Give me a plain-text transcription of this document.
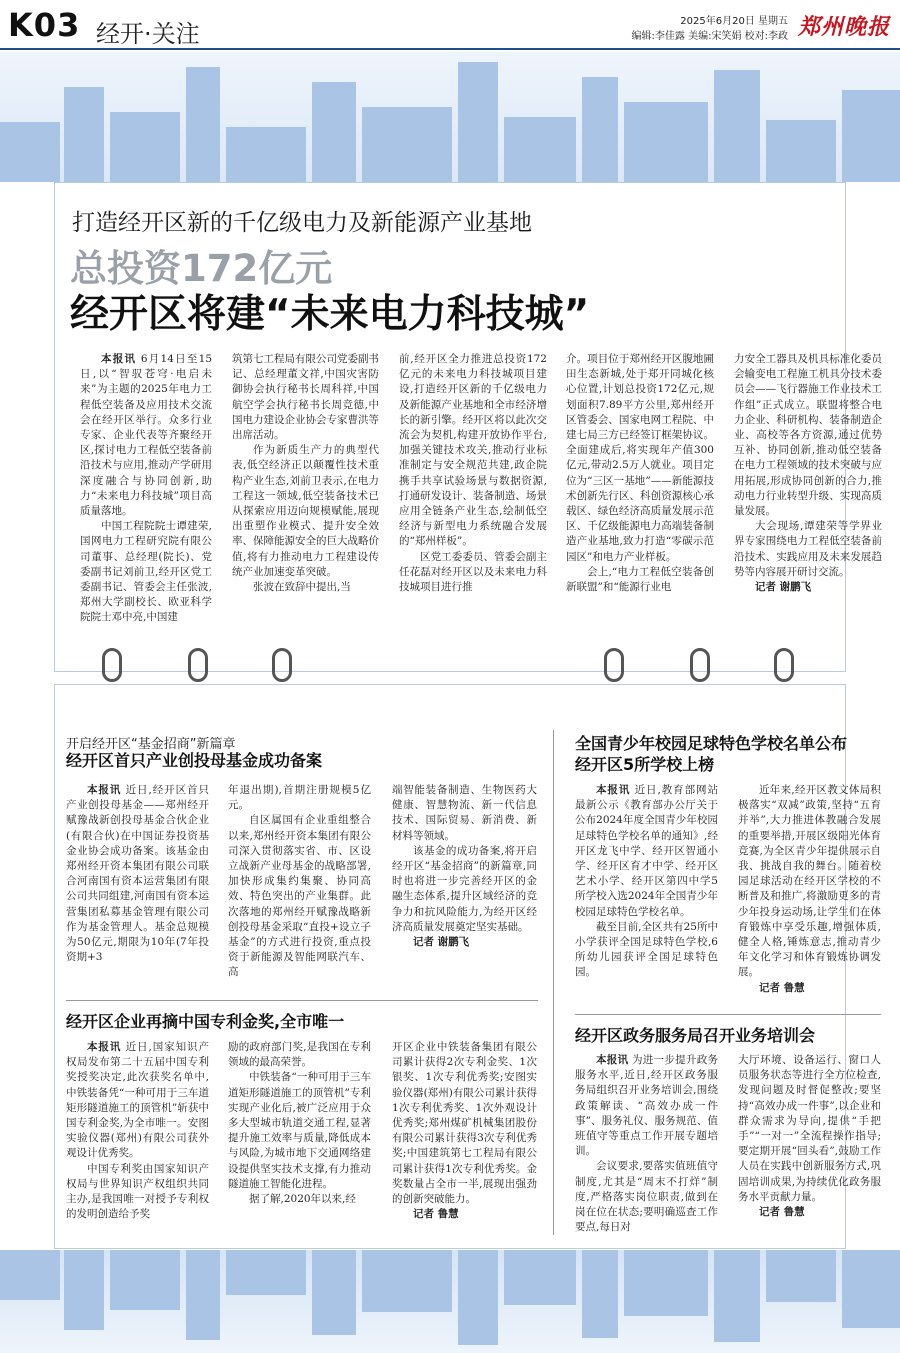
K03 经开·关注	2025年6月20日 星期五
编辑:李佳露 美编:宋笑娟 校对:李政 郑州晚报
打造经开区新的千亿级电力及新能源产业基地
总投资172亿元
经开区将建“未来电力科技城”

本报讯 6月14日至15日,以“智驭苍穹·电启未来”为主题的2025年电力工程低空装备及应用技术交流会在经开区举行。众多行业专家、企业代表等齐聚经开区,探讨电力工程低空装备前沿技术与应用,推动产学研用深度融合与协同创新,助力“未来电力科技城”项目高质量落地。

中国工程院院士谭建荣,国网电力工程研究院有限公司董事、总经理(院长)、党委副书记刘前卫,经开区党工委副书记、管委会主任张波,郑州大学副校长、欧亚科学院院士邓中亮,中国建

筑第七工程局有限公司党委副书记、总经理董文祥,中国灾害防御协会执行秘书长周科祥,中国航空学会执行秘书长周竞德,中国电力建设企业协会专家曹洪等出席活动。

作为新质生产力的典型代表,低空经济正以颠覆性技术重构产业生态,刘前卫表示,在电力工程这一领域,低空装备技术已从探索应用迈向规模赋能,展现出重塑作业模式、提升安全效率、保障能源安全的巨大战略价值,将有力推动电力工程建设传统产业加速变革突破。

张波在致辞中提出,当

前,经开区全力推进总投资172亿元的未来电力科技城项目建设,打造经开区新的千亿级电力及新能源产业基地和全市经济增长的新引擎。经开区将以此次交流会为契机,构建开放协作平台,加强关键技术攻关,推动行业标准制定与安全规范共建,政企院携手共享试验场景与数据资源,打通研发设计、装备制造、场景应用全链条产业生态,绘制低空经济与新型电力系统融合发展的“郑州样板”。

区党工委委员、管委会副主任花磊对经开区以及未来电力科技城项目进行推

介。项目位于郑州经开区腹地圃田生态新城,处于郑开同城化核心位置,计划总投资172亿元,规划面积7.89平方公里,郑州经开区管委会、国家电网工程院、中建七局三方已经签订框架协议。全面建成后,将实现年产值300亿元,带动2.5万人就业。项目定位为“三区一基地”——新能源技术创新先行区、科创资源核心承载区、绿色经济高质量发展示范区、千亿级能源电力高端装备制造产业基地,致力打造“零碳示范园区”和电力产业样板。

会上,“电力工程低空装备创新联盟”和“能源行业电

力安全工器具及机具标准化委员会输变电工程施工机具分技术委员会——飞行器施工作业技术工作组”正式成立。联盟将整合电力企业、科研机构、装备制造企业、高校等各方资源,通过优势互补、协同创新,推动低空装备在电力工程领域的技术突破与应用拓展,形成协同创新的合力,推动电力行业转型升级、实现高质量发展。

大会现场,谭建荣等学界业界专家围绕电力工程低空装备前沿技术、实践应用及未来发展趋势等内容展开研讨交流。

记者 谢鹏飞

开启经开区“基金招商”新篇章
经开区首只产业创投母基金成功备案

本报讯 近日,经开区首只产业创投母基金——郑州经开赋豫战新创投母基金合伙企业(有限合伙)在中国证券投资基金业协会成功备案。该基金由郑州经开资本集团有限公司联合河南国有资本运营集团有限公司共同组建,河南国有资本运营集团私募基金管理有限公司作为基金管理人。基金总规模为50亿元,期限为10年(7年投资期+3

年退出期),首期注册规模5亿元。

自区属国有企业重组整合以来,郑州经开资本集团有限公司深入贯彻落实省、市、区设立战新产业母基金的战略部署,加快形成集约集聚、协同高效、特色突出的产业集群。此次落地的郑州经开赋豫战略新创投母基金采取“直投+设立子基金”的方式进行投资,重点投资于新能源及智能网联汽车、高

端智能装备制造、生物医药大健康、智慧物流、新一代信息技术、国际贸易、新消费、新材料等领域。

该基金的成功备案,将开启经开区“基金招商”的新篇章,同时也将进一步完善经开区的金融生态体系,提升区域经济的竞争力和抗风险能力,为经开区经济高质量发展奠定坚实基础。

记者 谢鹏飞

经开区企业再摘中国专利金奖,全市唯一

本报讯 近日,国家知识产权局发布第二十五届中国专利奖授奖决定,此次获奖名单中,中铁装备凭“一种可用于三车道矩形隧道施工的顶管机”斩获中国专利金奖,为全市唯一。安图实验仪器(郑州)有限公司获外观设计优秀奖。

中国专利奖由国家知识产权局与世界知识产权组织共同主办,是我国唯一对授予专利权的发明创造给予奖

励的政府部门奖,是我国在专利领域的最高荣誉。

中铁装备“一种可用于三车道矩形隧道施工的顶管机”专利实现产业化后,被广泛应用于众多大型城市轨道交通工程,显著提升施工效率与质量,降低成本与风险,为城市地下交通网络建设提供坚实技术支撑,有力推动隧道施工智能化进程。

据了解,2020年以来,经

开区企业中铁装备集团有限公司累计获得2次专利金奖、1次银奖、1次专利优秀奖;安图实验仪器(郑州)有限公司累计获得1次专利优秀奖、1次外观设计优秀奖;郑州煤矿机械集团股份有限公司累计获得3次专利优秀奖;中国建筑第七工程局有限公司累计获得1次专利优秀奖。金奖数量占全市一半,展现出强劲的创新突破能力。

记者 鲁慧

全国青少年校园足球特色学校名单公布
经开区5所学校上榜

本报讯 近日,教育部网站最新公示《教育部办公厅关于公布2024年度全国青少年校园足球特色学校名单的通知》,经开区龙飞中学、经开区智通小学、经开区育才中学、经开区艺术小学、经开区第四中学5所学校入选2024年全国青少年校园足球特色学校名单。

截至目前,全区共有25所中小学获评全国足球特色学校,6所幼儿园获评全国足球特色园。

近年来,经开区教文体局积极落实“双减”政策,坚持“五育并举”,大力推进体教融合发展的重要举措,开展区级阳光体育竞赛,为全区青少年提供展示自我、挑战自我的舞台。随着校园足球活动在经开区学校的不断普及和推广,将激励更多的青少年投身运动场,让学生们在体育锻炼中享受乐趣,增强体质,健全人格,锤炼意志,推动青少年文化学习和体育锻炼协调发展。

记者 鲁慧

经开区政务服务局召开业务培训会

本报讯 为进一步提升政务服务水平,近日,经开区政务服务局组织召开业务培训会,围绕政策解读、“高效办成一件事”、服务礼仪、服务规范、值班值守等重点工作开展专题培训。

会议要求,要落实值班值守制度,尤其是“周末不打烊”制度,严格落实岗位职责,做到在岗在位在状态;要明确巡查工作要点,每日对

大厅环境、设备运行、窗口人员服务状态等进行全方位检查,发现问题及时督促整改;要坚持“高效办成一件事”,以企业和群众需求为导向,提供“手把手”“一对一”全流程操作指导;要定期开展“回头看”,鼓励工作人员在实践中创新服务方式,巩固培训成果,为持续优化政务服务水平贡献力量。

记者 鲁慧
